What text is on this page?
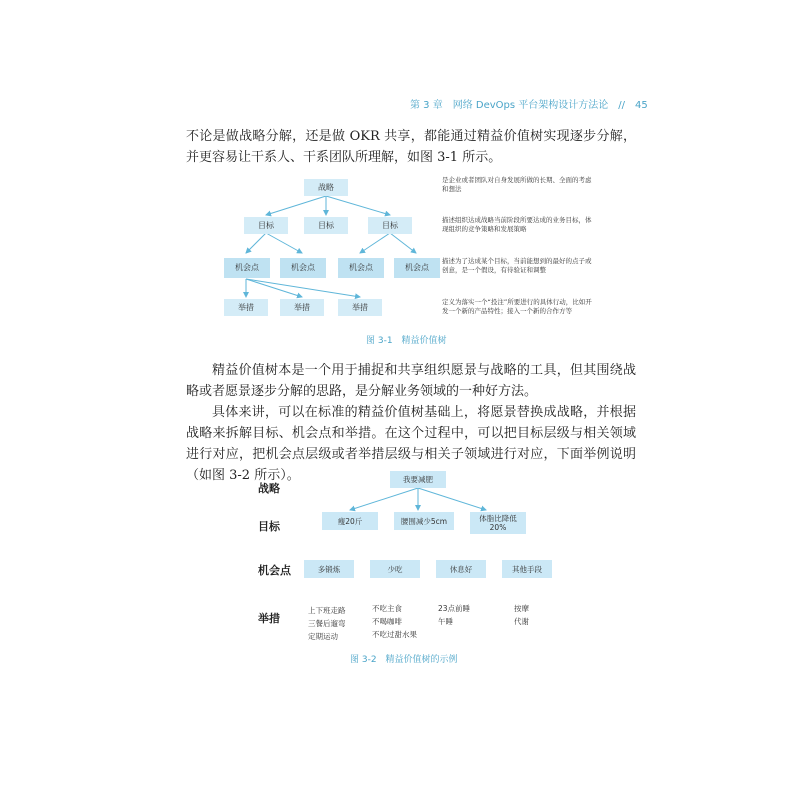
第 3 章 网络 DevOps 平台架构设计方法论 // 45

不论是做战略分解，还是做 OKR 共享，都能通过精益价值树实现逐步分解，并更容易让干系人、干系团队所理解，如图 3-1 所示。

战略
目标	目标	目标
机会点	机会点	机会点	机会点
举措	举措	举措
是企业或者团队对自身发展所做的长期、全面的考虑和想法
描述组织达成战略当前阶段所要达成的业务目标，体现组织的竞争策略和发展策略
描述为了达成某个目标，当前能想到的最好的点子或创意，是一个假设，有待验证和调整
定义为落实一个“投注”所要进行的具体行动，比如开发一个新的产品特性；接入一个新的合作方等
图 3-1　精益价值树

精益价值树本是一个用于捕捉和共享组织愿景与战略的工具，但其围绕战略或者愿景逐步分解的思路，是分解业务领域的一种好方法。

具体来讲，可以在标准的精益价值树基础上，将愿景替换成战略，并根据战略来拆解目标、机会点和举措。在这个过程中，可以把目标层级与相关领域进行对应，把机会点层级或者举措层级与相关子领域进行对应，下面举例说明（如图 3-2 所示）。

战略
目标
机会点
举措
我要减肥
瘦20斤	腰围减少5cm	体脂比降低
20%
多锻炼	少吃	休息好	其他手段
上下班走路
三餐后遛弯
定期运动
不吃主食
不喝咖啡
不吃过甜水果
23点前睡
午睡
按摩
代谢
图 3-2　精益价值树的示例
